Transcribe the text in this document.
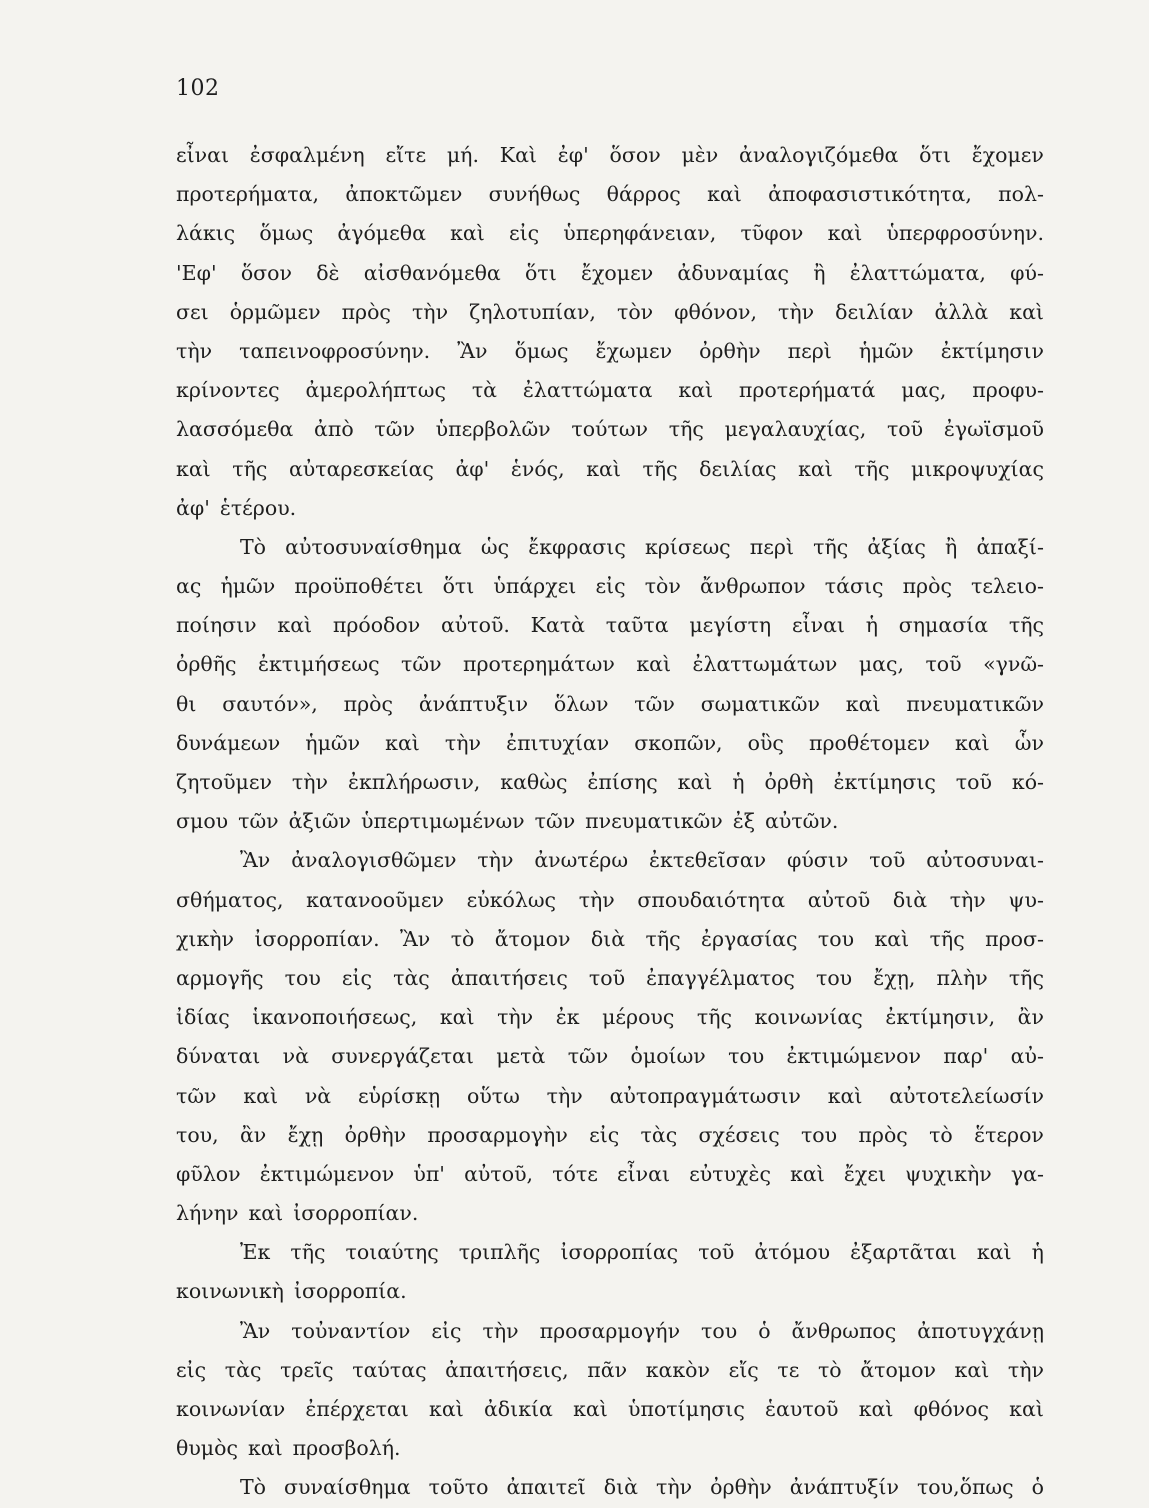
102
εἶναι ἐσφαλμένη εἴτε μή. Καὶ ἐφ' ὅσον μὲν ἀναλογιζόμεθα ὅτι ἔχομεν
προτερήματα, ἀποκτῶμεν συνήθως θάρρος καὶ ἀποφασιστικότητα, πολ-
λάκις ὅμως ἀγόμεθα καὶ εἰς ὑπερηφάνειαν, τῦφον καὶ ὑπερφροσύνην.
'Εφ' ὅσον δὲ αἰσθανόμεθα ὅτι ἔχομεν ἀδυναμίας ἢ ἐλαττώματα, φύ-
σει ὁρμῶμεν πρὸς τὴν ζηλοτυπίαν, τὸν φθόνον, τὴν δειλίαν ἀλλὰ καὶ
τὴν ταπεινοφροσύνην. Ἂν ὅμως ἔχωμεν ὀρθὴν περὶ ἡμῶν ἐκτίμησιν
κρίνοντες ἀμερολήπτως τὰ ἐλαττώματα καὶ προτερήματά μας, προφυ-
λασσόμεθα ἀπὸ τῶν ὑπερβολῶν τούτων τῆς μεγαλαυχίας, τοῦ ἐγωϊσμοῦ
καὶ τῆς αὐταρεσκείας ἀφ' ἑνός, καὶ τῆς δειλίας καὶ τῆς μικροψυχίας
ἀφ' ἑτέρου.
Τὸ αὐτοσυναίσθημα ὡς ἔκφρασις κρίσεως περὶ τῆς ἀξίας ἢ ἀπαξί-
ας ἡμῶν προϋποθέτει ὅτι ὑπάρχει εἰς τὸν ἄνθρωπον τάσις πρὸς τελειο-
ποίησιν καὶ πρόοδον αὐτοῦ. Κατὰ ταῦτα μεγίστη εἶναι ἡ σημασία τῆς
ὀρθῆς ἐκτιμήσεως τῶν προτερημάτων καὶ ἐλαττωμάτων μας, τοῦ «γνῶ-
θι σαυτόν», πρὸς ἀνάπτυξιν ὅλων τῶν σωματικῶν καὶ πνευματικῶν
δυνάμεων ἡμῶν καὶ τὴν ἐπιτυχίαν σκοπῶν, οὓς προθέτομεν καὶ ὧν
ζητοῦμεν τὴν ἐκπλήρωσιν, καθὼς ἐπίσης καὶ ἡ ὀρθὴ ἐκτίμησις τοῦ κό-
σμου τῶν ἀξιῶν ὑπερτιμωμένων τῶν πνευματικῶν ἐξ αὐτῶν.
Ἂν ἀναλογισθῶμεν τὴν ἀνωτέρω ἐκτεθεῖσαν φύσιν τοῦ αὐτοσυναι-
σθήματος, κατανοοῦμεν εὐκόλως τὴν σπουδαιότητα αὐτοῦ διὰ τὴν ψυ-
χικὴν ἰσορροπίαν. Ἂν τὸ ἄτομον διὰ τῆς ἐργασίας του καὶ τῆς προσ-
αρμογῆς του εἰς τὰς ἀπαιτήσεις τοῦ ἐπαγγέλματος του ἔχῃ, πλὴν τῆς
ἰδίας ἱκανοποιήσεως, καὶ τὴν ἐκ μέρους τῆς κοινωνίας ἐκτίμησιν, ἂν
δύναται νὰ συνεργάζεται μετὰ τῶν ὁμοίων του ἐκτιμώμενον παρ' αὐ-
τῶν καὶ νὰ εὑρίσκῃ οὕτω τὴν αὐτοπραγμάτωσιν καὶ αὐτοτελείωσίν
του, ἂν ἔχῃ ὀρθὴν προσαρμογὴν εἰς τὰς σχέσεις του πρὸς τὸ ἕτερον
φῦλον ἐκτιμώμενον ὑπ' αὐτοῦ, τότε εἶναι εὐτυχὲς καὶ ἔχει ψυχικὴν γα-
λήνην καὶ ἰσορροπίαν.
Ἐκ τῆς τοιαύτης τριπλῆς ἰσορροπίας τοῦ ἀτόμου ἐξαρτᾶται καὶ ἡ
κοινωνικὴ ἰσορροπία.
Ἂν τοὐναντίον εἰς τὴν προσαρμογήν του ὁ ἄνθρωπος ἀποτυγχάνῃ
εἰς τὰς τρεῖς ταύτας ἀπαιτήσεις, πᾶν κακὸν εἴς τε τὸ ἄτομον καὶ τὴν
κοινωνίαν ἐπέρχεται καὶ ἀδικία καὶ ὑποτίμησις ἑαυτοῦ καὶ φθόνος καὶ
θυμὸς καὶ προσβολή.
Τὸ συναίσθημα τοῦτο ἀπαιτεῖ διὰ τὴν ὀρθὴν ἀνάπτυξίν του,ὅπως ὁ
